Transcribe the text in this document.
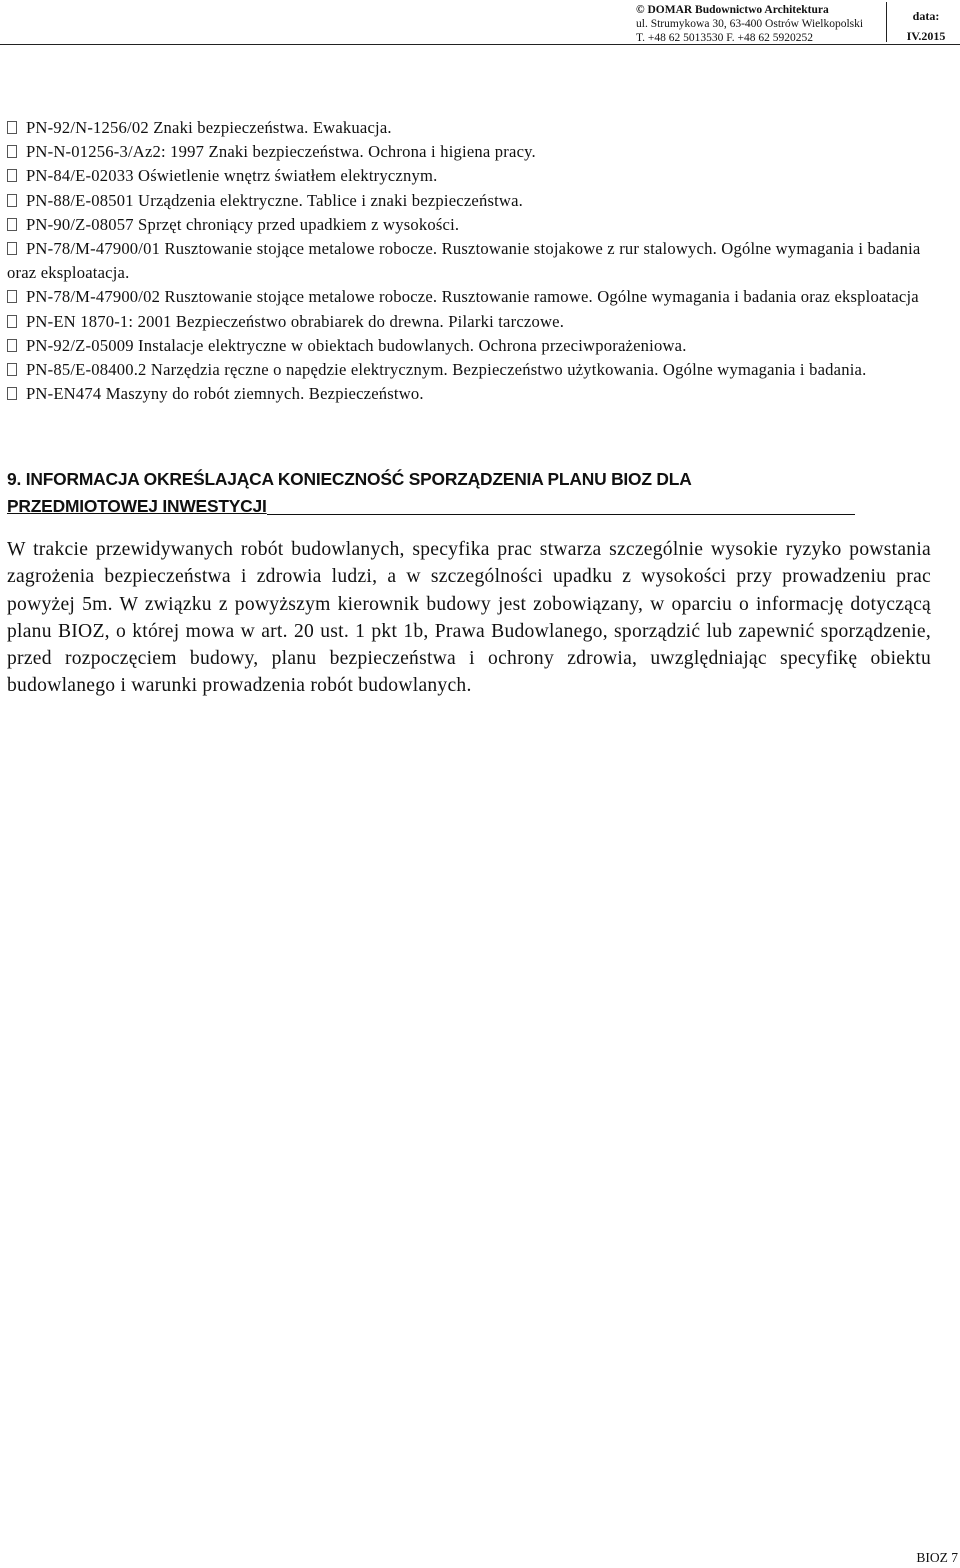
© DOMAR Budownictwo Architektura
ul. Strumykowa 30, 63-400 Ostrów Wielkopolski
T. +48 62 5013530 F. +48 62 5920252
data:
IV.2015
PN-92/N-1256/02 Znaki bezpieczeństwa. Ewakuacja.
PN-N-01256-3/Az2: 1997 Znaki bezpieczeństwa. Ochrona i higiena pracy.
PN-84/E-02033 Oświetlenie wnętrz światłem elektrycznym.
PN-88/E-08501 Urządzenia elektryczne. Tablice i znaki bezpieczeństwa.
PN-90/Z-08057 Sprzęt chroniący przed upadkiem z wysokości.
PN-78/M-47900/01 Rusztowanie stojące metalowe robocze. Rusztowanie stojakowe z rur stalowych. Ogólne wymagania i badania oraz eksploatacja.
PN-78/M-47900/02 Rusztowanie stojące metalowe robocze. Rusztowanie ramowe. Ogólne wymagania i badania oraz eksploatacja
PN-EN 1870-1: 2001 Bezpieczeństwo obrabiarek do drewna. Pilarki tarczowe.
PN-92/Z-05009 Instalacje elektryczne w obiektach budowlanych. Ochrona przeciwporażeniowa.
PN-85/E-08400.2 Narzędzia ręczne o napędzie elektrycznym. Bezpieczeństwo użytkowania. Ogólne wymagania i badania.
PN-EN474 Maszyny do robót ziemnych. Bezpieczeństwo.
9. INFORMACJA OKREŚLAJĄCA KONIECZNOŚĆ SPORZĄDZENIA PLANU BIOZ DLA
PRZEDMIOTOWEJ INWESTYCJI

W trakcie przewidywanych robót budowlanych, specyfika prac stwarza szczególnie wysokie ryzyko powstania zagrożenia bezpieczeństwa i zdrowia ludzi, a w szczególności upadku z wysokości przy prowadzeniu prac powyżej 5m. W związku z powyższym kierownik budowy jest zobowiązany, w oparciu o informację dotyczącą planu BIOZ, o której mowa w art. 20 ust. 1 pkt 1b, Prawa Budowlanego, sporządzić lub zapewnić sporządzenie, przed rozpoczęciem budowy, planu bezpieczeństwa i ochrony zdrowia, uwzględniając specyfikę obiektu budowlanego i warunki prowadzenia robót budowlanych.

BIOZ 7
